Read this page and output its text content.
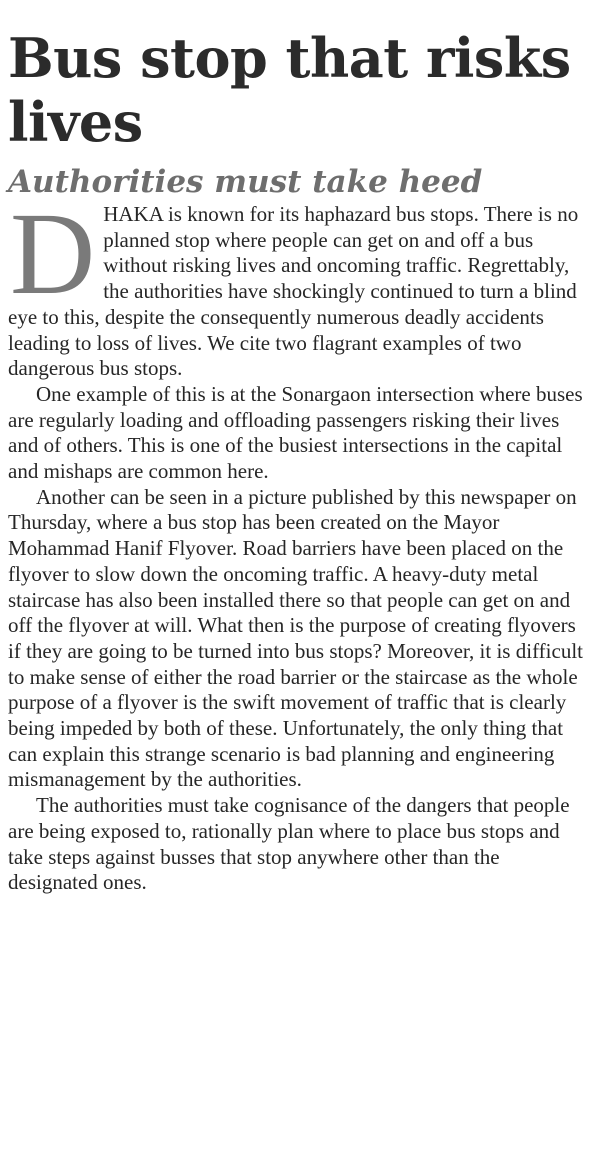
Bus stop that risks lives
Authorities must take heed

DHAKA is known for its haphazard bus stops. There is no planned stop where people can get on and off a bus without risking lives and oncoming traffic. Regrettably, the authorities have shockingly continued to turn a blind eye to this, despite the consequently numerous deadly accidents leading to loss of lives. We cite two flagrant examples of two dangerous bus stops.

One example of this is at the Sonargaon intersection where buses are regularly loading and offloading passengers risking their lives and of others. This is one of the busiest intersections in the capital and mishaps are common here.

Another can be seen in a picture published by this newspaper on Thursday, where a bus stop has been created on the Mayor Mohammad Hanif Flyover. Road barriers have been placed on the flyover to slow down the oncoming traffic. A heavy-duty metal staircase has also been installed there so that people can get on and off the flyover at will. What then is the purpose of creating flyovers if they are going to be turned into bus stops? Moreover, it is difficult to make sense of either the road barrier or the staircase as the whole purpose of a flyover is the swift movement of traffic that is clearly being impeded by both of these. Unfortunately, the only thing that can explain this strange scenario is bad planning and engineering mismanagement by the authorities.

The authorities must take cognisance of the dangers that people are being exposed to, rationally plan where to place bus stops and take steps against busses that stop anywhere other than the designated ones.
